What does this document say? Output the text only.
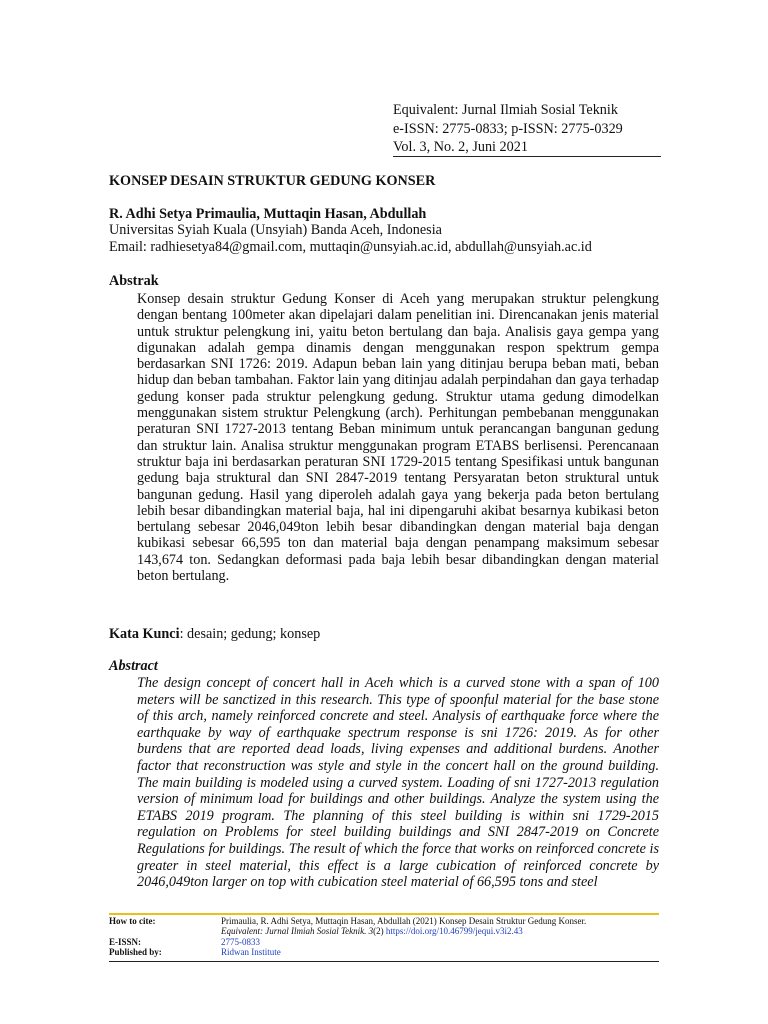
Equivalent: Jurnal Ilmiah Sosial Teknik
e-ISSN: 2775-0833; p-ISSN: 2775-0329
Vol. 3, No. 2, Juni 2021
KONSEP DESAIN STRUKTUR GEDUNG KONSER
R. Adhi Setya Primaulia, Muttaqin Hasan, Abdullah
Universitas Syiah Kuala (Unsyiah) Banda Aceh, Indonesia
Email: radhiesetya84@gmail.com, muttaqin@unsyiah.ac.id, abdullah@unsyiah.ac.id
Abstrak
Konsep desain struktur Gedung Konser di Aceh yang merupakan struktur pelengkung dengan bentang 100meter akan dipelajari dalam penelitian ini. Direncanakan jenis material untuk struktur pelengkung ini, yaitu beton bertulang dan baja. Analisis gaya gempa yang digunakan adalah gempa dinamis dengan menggunakan respon spektrum gempa berdasarkan SNI 1726: 2019. Adapun beban lain yang ditinjau berupa beban mati, beban hidup dan beban tambahan. Faktor lain yang ditinjau adalah perpindahan dan gaya terhadap gedung konser pada struktur pelengkung gedung. Struktur utama gedung dimodelkan menggunakan sistem struktur Pelengkung (arch). Perhitungan pembebanan menggunakan peraturan SNI 1727-2013 tentang Beban minimum untuk perancangan bangunan gedung dan struktur lain. Analisa struktur menggunakan program ETABS berlisensi. Perencanaan struktur baja ini berdasarkan peraturan SNI 1729-2015 tentang Spesifikasi untuk bangunan gedung baja struktural dan SNI 2847-2019 tentang Persyaratan beton struktural untuk bangunan gedung. Hasil yang diperoleh adalah gaya yang bekerja pada beton bertulang lebih besar dibandingkan material baja, hal ini dipengaruhi akibat besarnya kubikasi beton bertulang sebesar 2046,049ton lebih besar dibandingkan dengan material baja dengan kubikasi sebesar 66,595 ton dan material baja dengan penampang maksimum sebesar 143,674 ton. Sedangkan deformasi pada baja lebih besar dibandingkan dengan material beton bertulang.
Kata Kunci: desain; gedung; konsep
Abstract
The design concept of concert hall in Aceh which is a curved stone with a span of 100 meters will be sanctized in this research. This type of spoonful material for the base stone of this arch, namely reinforced concrete and steel. Analysis of earthquake force where the earthquake by way of earthquake spectrum response is sni 1726: 2019. As for other burdens that are reported dead loads, living expenses and additional burdens. Another factor that reconstruction was style and style in the concert hall on the ground building. The main building is modeled using a curved system. Loading of sni 1727-2013 regulation version of minimum load for buildings and other buildings. Analyze the system using the ETABS 2019 program. The planning of this steel building is within sni 1729-2015 regulation on Problems for steel building buildings and SNI 2847-2019 on Concrete Regulations for buildings. The result of which the force that works on reinforced concrete is greater in steel material, this effect is a large cubication of reinforced concrete by 2046,049ton larger on top with cubication steel material of 66,595 tons and steel
How to cite:	Primaulia, R. Adhi Setya, Muttaqin Hasan, Abdullah (2021) Konsep Desain Struktur Gedung Konser.
Equivalent: Jurnal Ilmiah Sosial Teknik. 3(2) https://doi.org/10.46799/jequi.v3i2.43
E-ISSN:	2775-0833
Published by:	Ridwan Institute
